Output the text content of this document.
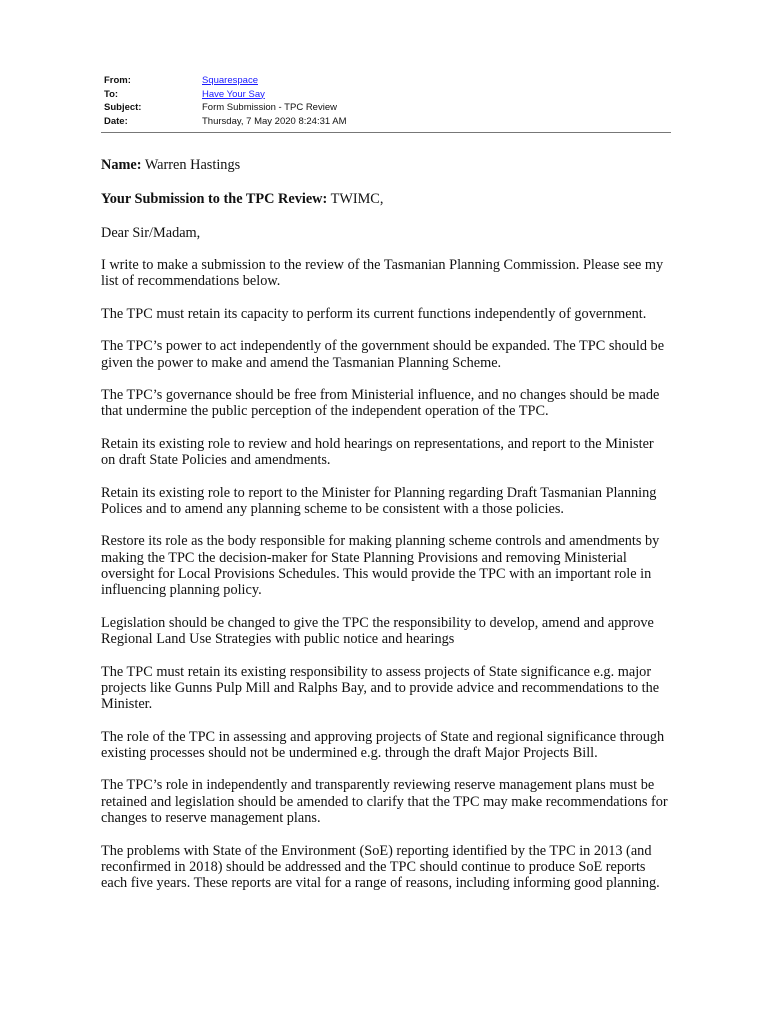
From:	Squarespace
To:	Have Your Say
Subject:	Form Submission - TPC Review
Date:	Thursday, 7 May 2020 8:24:31 AM

Name: Warren Hastings

Your Submission to the TPC Review: TWIMC,

Dear Sir/Madam,

I write to make a submission to the review of the Tasmanian Planning Commission. Please see my list of recommendations below.

The TPC must retain its capacity to perform its current functions independently of government.

The TPC’s power to act independently of the government should be expanded. The TPC should be given the power to make and amend the Tasmanian Planning Scheme.

The TPC’s governance should be free from Ministerial influence, and no changes should be made that undermine the public perception of the independent operation of the TPC.

Retain its existing role to review and hold hearings on representations, and report to the Minister on draft State Policies and amendments.

Retain its existing role to report to the Minister for Planning regarding Draft Tasmanian Planning Polices and to amend any planning scheme to be consistent with a those policies.

Restore its role as the body responsible for making planning scheme controls and amendments by making the TPC the decision-maker for State Planning Provisions and removing Ministerial oversight for Local Provisions Schedules. This would provide the TPC with an important role in influencing planning policy.

Legislation should be changed to give the TPC the responsibility to develop, amend and approve Regional Land Use Strategies with public notice and hearings

The TPC must retain its existing responsibility to assess projects of State significance e.g. major projects like Gunns Pulp Mill and Ralphs Bay, and to provide advice and recommendations to the Minister.

The role of the TPC in assessing and approving projects of State and regional significance through existing processes should not be undermined e.g. through the draft Major Projects Bill.

The TPC’s role in independently and transparently reviewing reserve management plans must be retained and legislation should be amended to clarify that the TPC may make recommendations for changes to reserve management plans.

The problems with State of the Environment (SoE) reporting identified by the TPC in 2013 (and reconfirmed in 2018) should be addressed and the TPC should continue to produce SoE reports each five years. These reports are vital for a range of reasons, including informing good planning.
